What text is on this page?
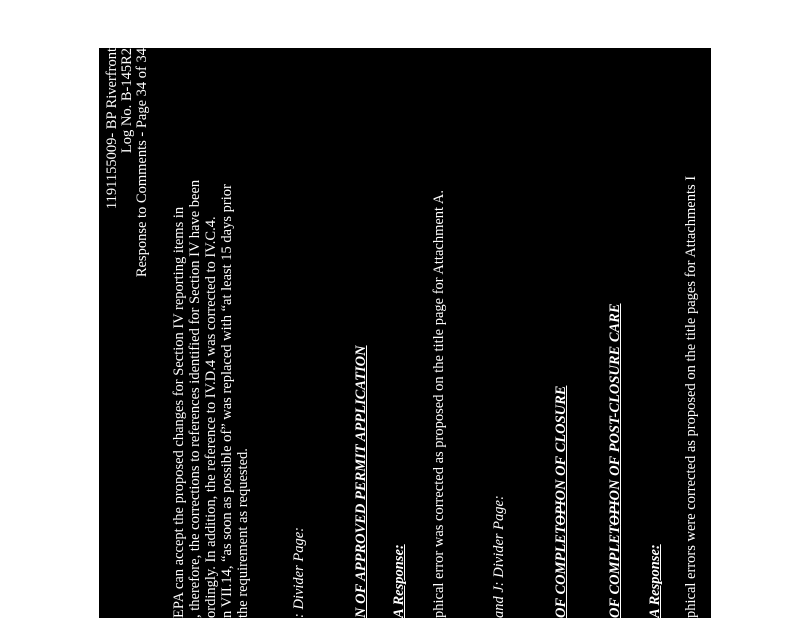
1191155009- BP Riverfront Log No. B-145R2 Response to Comments - Page 34 of 34
EPA can accept the proposed changes for Section IV reporting items in , therefore, the corrections to references identified for Section IV have been ordingly. In addition, the reference to IV.D.4 was corrected to IV.C.4. n VII.14, “as soon as possible of” was replaced with “at least 15 days prior the requirement as requested.	: Divider Page:	N OF APPROVED PERMIT APPLICATION A Response: phical error was corrected as proposed on the title page for Attachment A.	and J: Divider Page:	OF COMPLETOPION OF CLOSURE
OF COMPLETOPION OF POST-CLOSURE CARE
A Response: phical errors were corrected as proposed on the title pages for Attachments I
